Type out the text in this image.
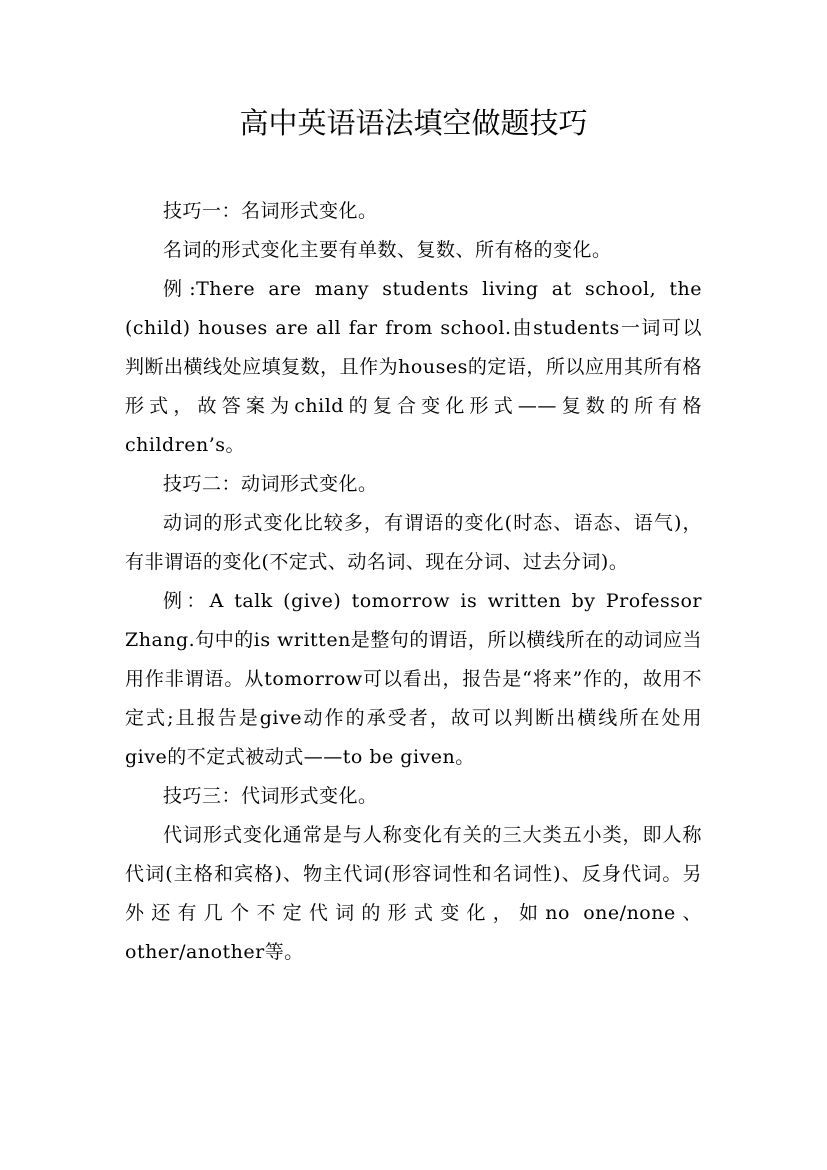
高中英语语法填空做题技巧

技巧一：名词形式变化。

名词的形式变化主要有单数、复数、所有格的变化。

例:There are many students living at school, the (child) houses are all far from school.由students一词可以判断出横线处应填复数，且作为houses的定语，所以应用其所有格形式，故答案为child的复合变化形式——复数的所有格children’s。

技巧二：动词形式变化。

动词的形式变化比较多，有谓语的变化(时态、语态、语气)，有非谓语的变化(不定式、动名词、现在分词、过去分词)。

例：A talk (give) tomorrow is written by Professor Zhang.句中的is written是整句的谓语，所以横线所在的动词应当用作非谓语。从tomorrow可以看出，报告是“将来”作的，故用不定式;且报告是give动作的承受者，故可以判断出横线所在处用give的不定式被动式——to be given。

技巧三：代词形式变化。

代词形式变化通常是与人称变化有关的三大类五小类，即人称代词(主格和宾格)、物主代词(形容词性和名词性)、反身代词。另外还有几个不定代词的形式变化，如no one/none、other/another等。
